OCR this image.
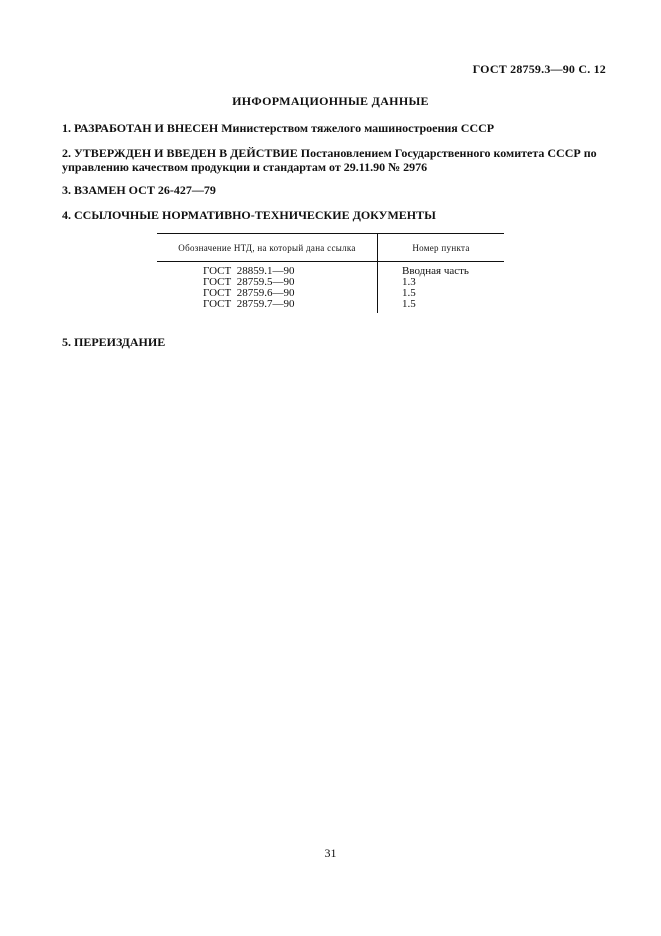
ГОСТ 28759.3—90 С. 12
ИНФОРМАЦИОННЫЕ ДАННЫЕ
1. РАЗРАБОТАН И ВНЕСЕН Министерством тяжелого машиностроения СССР
2. УТВЕРЖДЕН И ВВЕДЕН В ДЕЙСТВИЕ Постановлением Государственного комитета СССР по управлению качеством продукции и стандартам от 29.11.90 № 2976
3. ВЗАМЕН ОСТ 26-427—79
4. ССЫЛОЧНЫЕ НОРМАТИВНО-ТЕХНИЧЕСКИЕ ДОКУМЕНТЫ
Обозначение НТД, на который дана ссылка	Номер пункта
ГОСТ  28859.1—90
ГОСТ  28759.5—90
ГОСТ  28759.6—90
ГОСТ  28759.7—90
Вводная часть
1.3
1.5
1.5
5. ПЕРЕИЗДАНИЕ
31
